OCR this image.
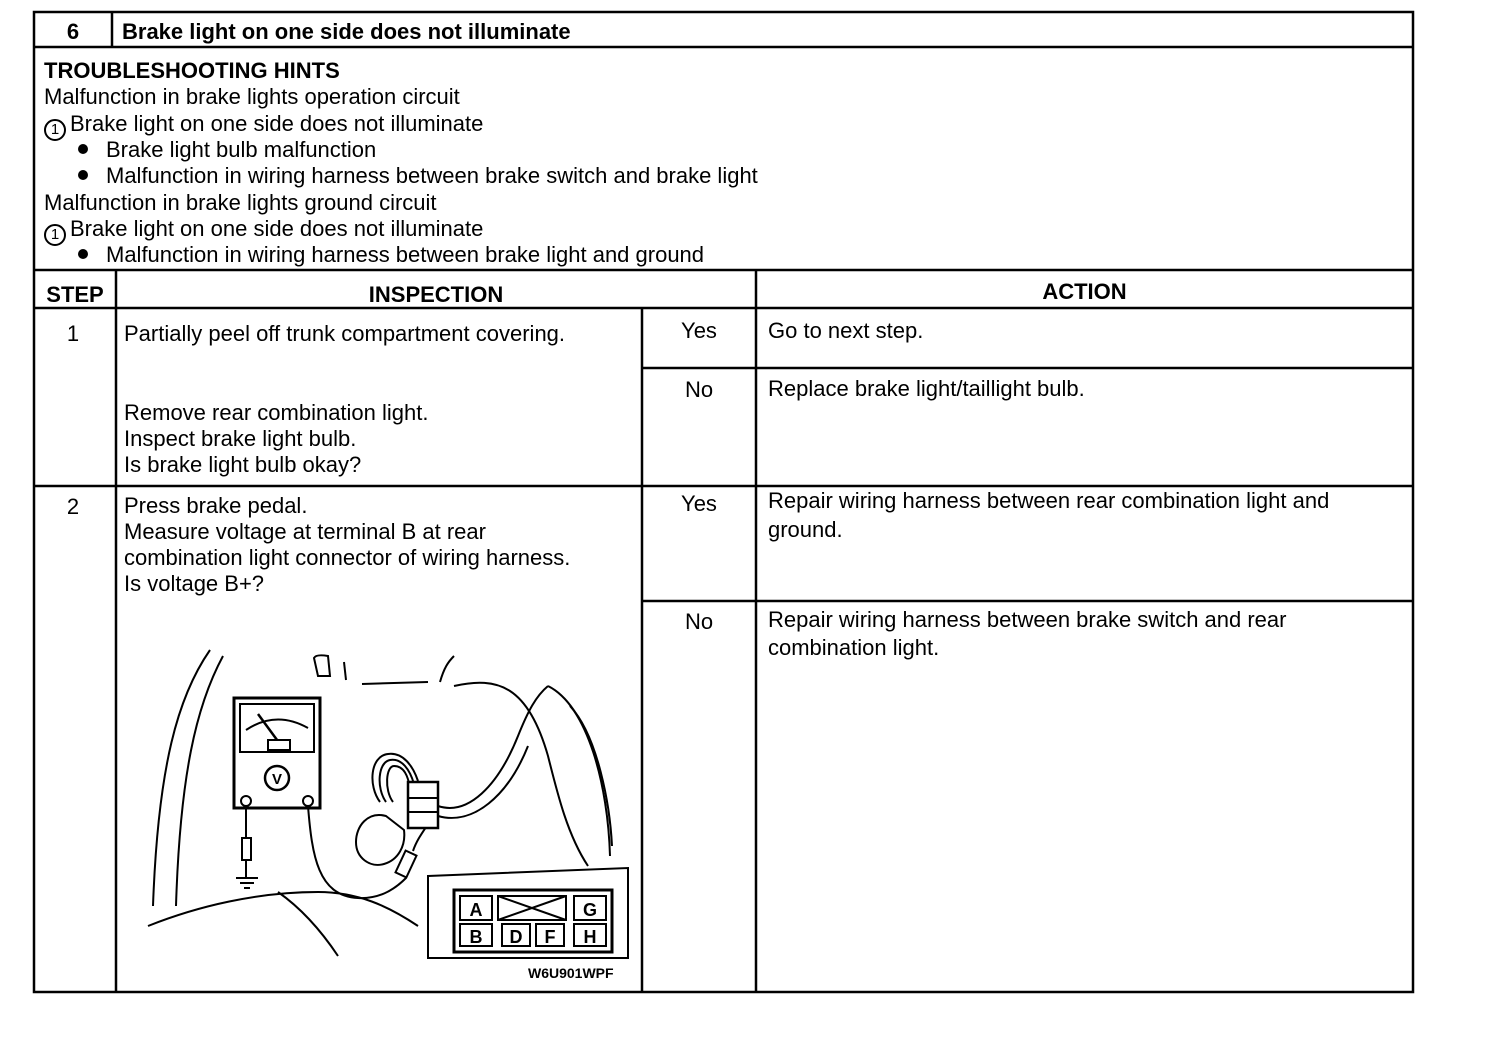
6	Brake light on one side does not illuminate
TROUBLESHOOTING HINTS
Malfunction in brake lights operation circuit
1 Brake light on one side does not illuminate
Brake light bulb malfunction
Malfunction in wiring harness between brake switch and brake light
Malfunction in brake lights ground circuit
1 Brake light on one side does not illuminate
Malfunction in wiring harness between brake light and ground
STEP	INSPECTION	ACTION
1	Partially peel off trunk compartment covering.
Remove rear combination light.
Inspect brake light bulb.
Is brake light bulb okay?
Yes	Go to next step.
No	Replace brake light/taillight bulb.
2	Press brake pedal.
Measure voltage at terminal B at rear
combination light connector of wiring harness.
Is voltage B+?
Yes	Repair wiring harness between rear combination light and
ground.
No	Repair wiring harness between brake switch and rear
combination light.
V
A	G
B D F H
W6U901WPF
